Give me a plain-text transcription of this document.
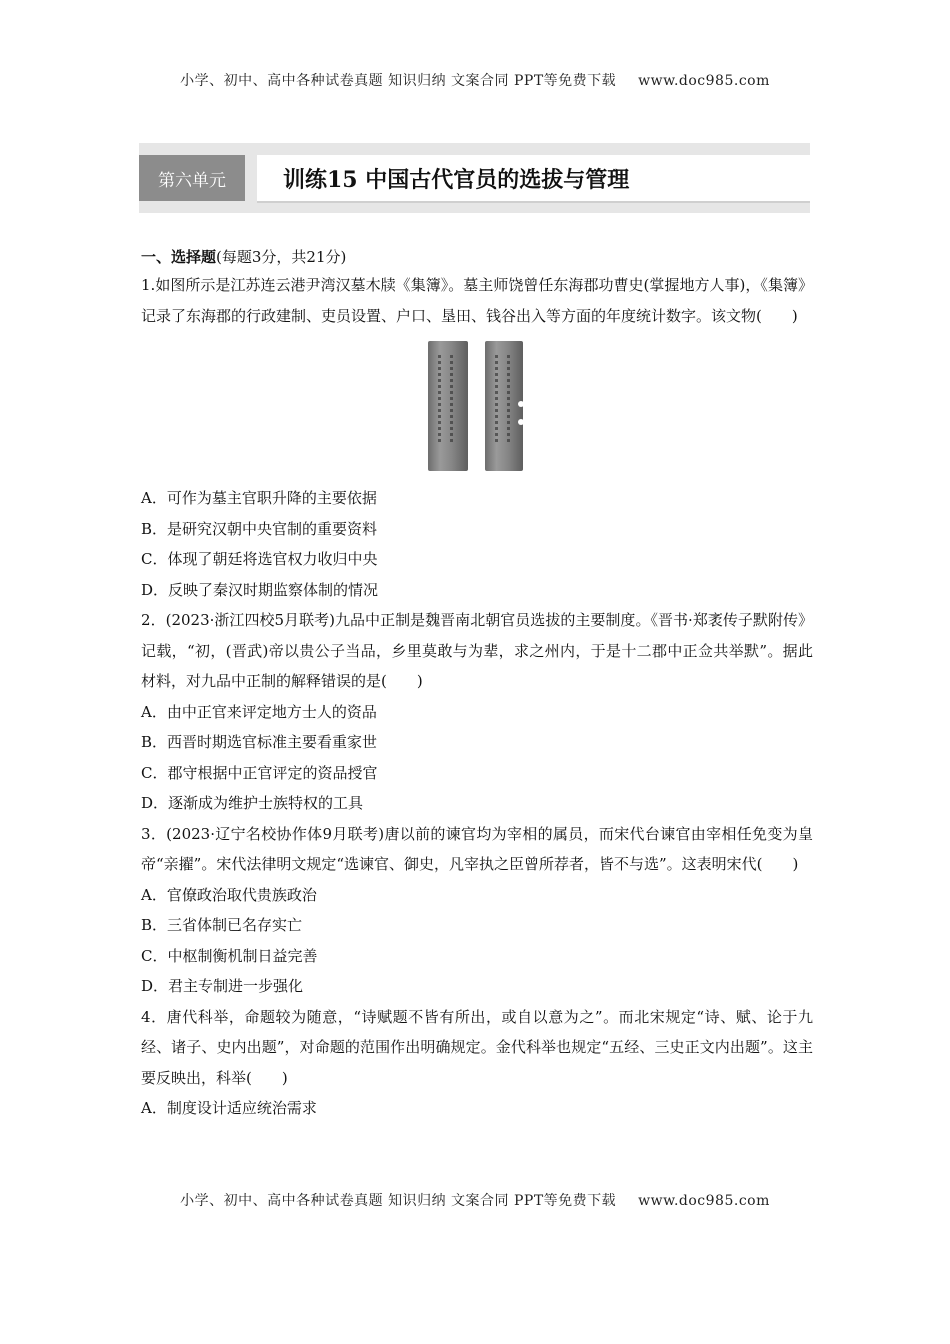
小学、初中、高中各种试卷真题 知识归纳 文案合同 PPT等免费下载 www.doc985.com
第六单元	训练15 中国古代官员的选拔与管理
一、选择题(每题3分，共21分)
1.如图所示是江苏连云港尹湾汉墓木牍《集簿》。墓主师饶曾任东海郡功曹史(掌握地方人事)，《集簿》记录了东海郡的行政建制、吏员设置、户口、垦田、钱谷出入等方面的年度统计数字。该文物(　　)
A．可作为墓主官职升降的主要依据
B．是研究汉朝中央官制的重要资料
C．体现了朝廷将选官权力收归中央
D．反映了秦汉时期监察体制的情况
2．(2023·浙江四校5月联考)九品中正制是魏晋南北朝官员选拔的主要制度。《晋书·郑袤传子默附传》记载，“初，(晋武)帝以贵公子当品，乡里莫敢与为辈，求之州内，于是十二郡中正佥共举默”。据此材料，对九品中正制的解释错误的是(　　)
A．由中正官来评定地方士人的资品
B．西晋时期选官标准主要看重家世
C．郡守根据中正官评定的资品授官
D．逐渐成为维护士族特权的工具
3．(2023·辽宁名校协作体9月联考)唐以前的谏官均为宰相的属员，而宋代台谏官由宰相任免变为皇帝“亲擢”。宋代法律明文规定“选谏官、御史，凡宰执之臣曾所荐者，皆不与选”。这表明宋代(　　)
A．官僚政治取代贵族政治
B．三省体制已名存实亡
C．中枢制衡机制日益完善
D．君主专制进一步强化
4．唐代科举，命题较为随意，“诗赋题不皆有所出，或自以意为之”。而北宋规定“诗、赋、论于九经、诸子、史内出题”，对命题的范围作出明确规定。金代科举也规定“五经、三史正文内出题”。这主要反映出，科举(　　)
A．制度设计适应统治需求
小学、初中、高中各种试卷真题 知识归纳 文案合同 PPT等免费下载 www.doc985.com
